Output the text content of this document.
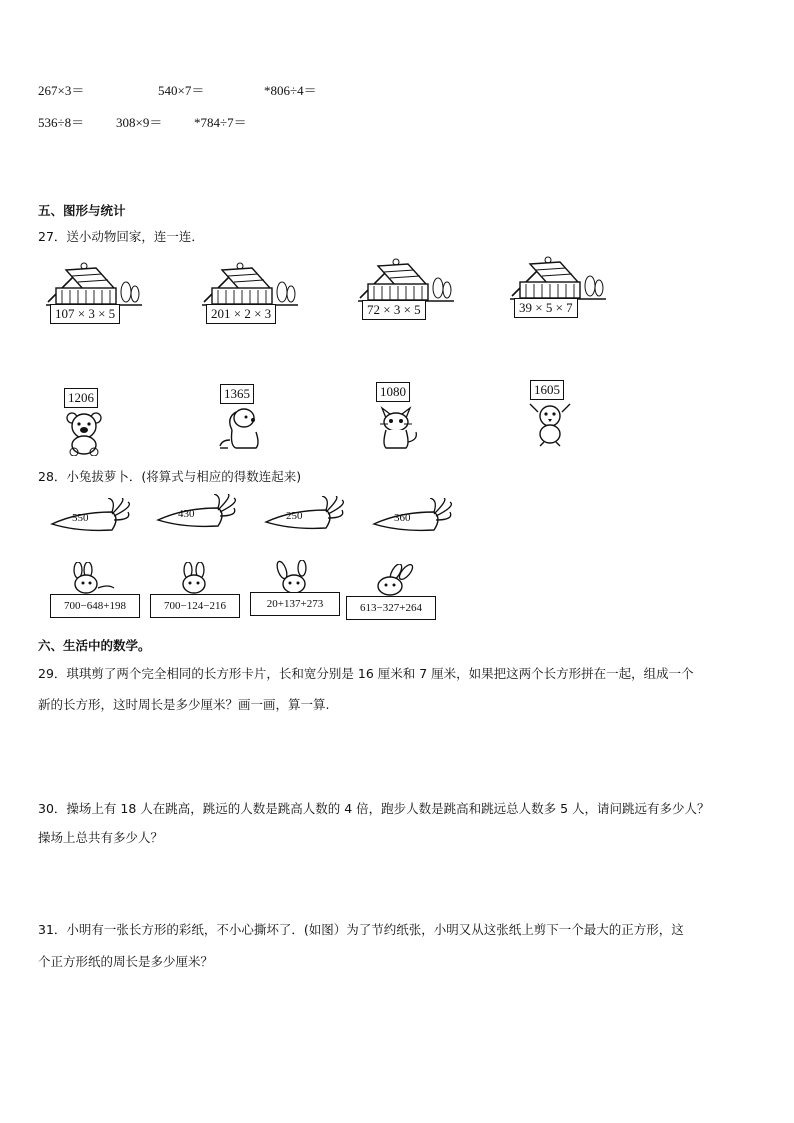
267×3＝	540×7＝	*806÷4＝
536÷8＝ 308×9＝ *784÷7＝
五、图形与统计
27．送小动物回家，连一连．
107 × 3 × 5	201 × 2 × 3	72 × 3 × 5	39 × 5 × 7
1206	1365	1080	1605
28．小兔拔萝卜．(将算式与相应的得数连起来)
550	430	250	360
700−648+198	700−124−216	20+137+273	613−327+264
六、生活中的数学。
29．琪琪剪了两个完全相同的长方形卡片，长和宽分别是 16 厘米和 7 厘米，如果把这两个长方形拼在一起，组成一个
新的长方形，这时周长是多少厘米？画一画，算一算.
30．操场上有 18 人在跳高，跳远的人数是跳高人数的 4 倍，跑步人数是跳高和跳远总人数多 5 人，请问跳远有多少人？
操场上总共有多少人？
31．小明有一张长方形的彩纸，不小心撕坏了．(如图）为了节约纸张，小明又从这张纸上剪下一个最大的正方形，这
个正方形纸的周长是多少厘米？
